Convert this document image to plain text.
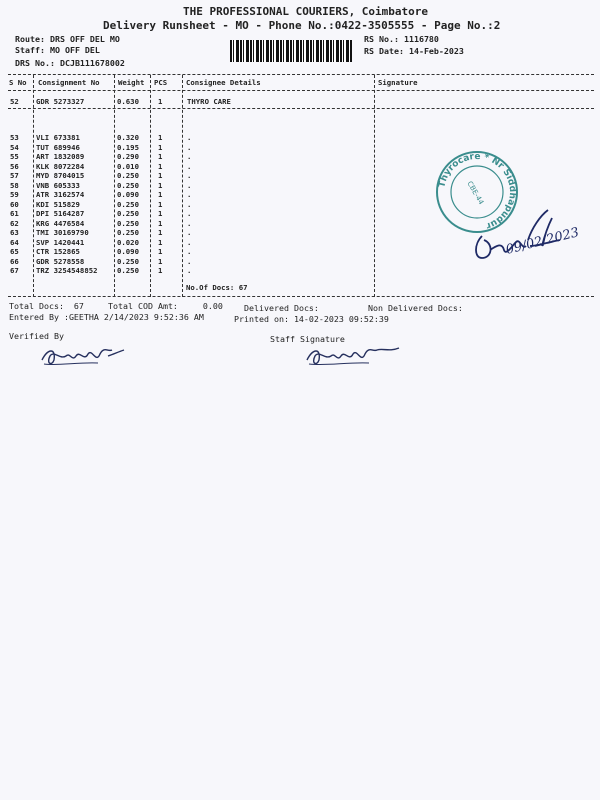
THE PROFESSIONAL COURIERS, Coimbatore
Delivery Runsheet - MO - Phone No.:0422-3505555 - Page No.:2
Route: DRS OFF DEL MO
Staff: MO OFF DEL
DRS No.: DCJB111678002
RS No.: 1116780
RS Date: 14-Feb-2023
S No Consignment No	Weight PCS	Consignee Details	Signature
52 GDR 5273327	0.630	1	THYRO CARE
53 VLI 673381	0.320	1	.
54 TUT 689946	0.195	1	.
55 ART 1832089	0.290	1	.
56 KLK 8072284	0.010	1	.
57 MYD 8704015	0.250	1	.
58 VNB 605333	0.250	1	.
59 ATR 3162574	0.090	1	.
60 KDI 515829	0.250	1	.
61 DPI 5164287	0.250	1	.
62 KRG 4476584	0.250	1	.
63 TMI 30169790	0.250	1	.
64 SVP 1420441	0.020	1	.
65 CTR 152865	0.090	1	.
66 GDR 5278558	0.250	1	.
67 TRZ 3254548852	0.250	1	.
No.Of Docs: 67
Total Docs:  67	Total COD Amt:     0.00	Delivered Docs:	Non Delivered Docs:
Entered By :GEETHA 2/14/2023 9:52:36 AM	Printed on: 14-02-2023 09:52:39
Verified By	Staff Signature
Thyrocare * Nr Siddhapudur
CBE-44
09/02/2023
